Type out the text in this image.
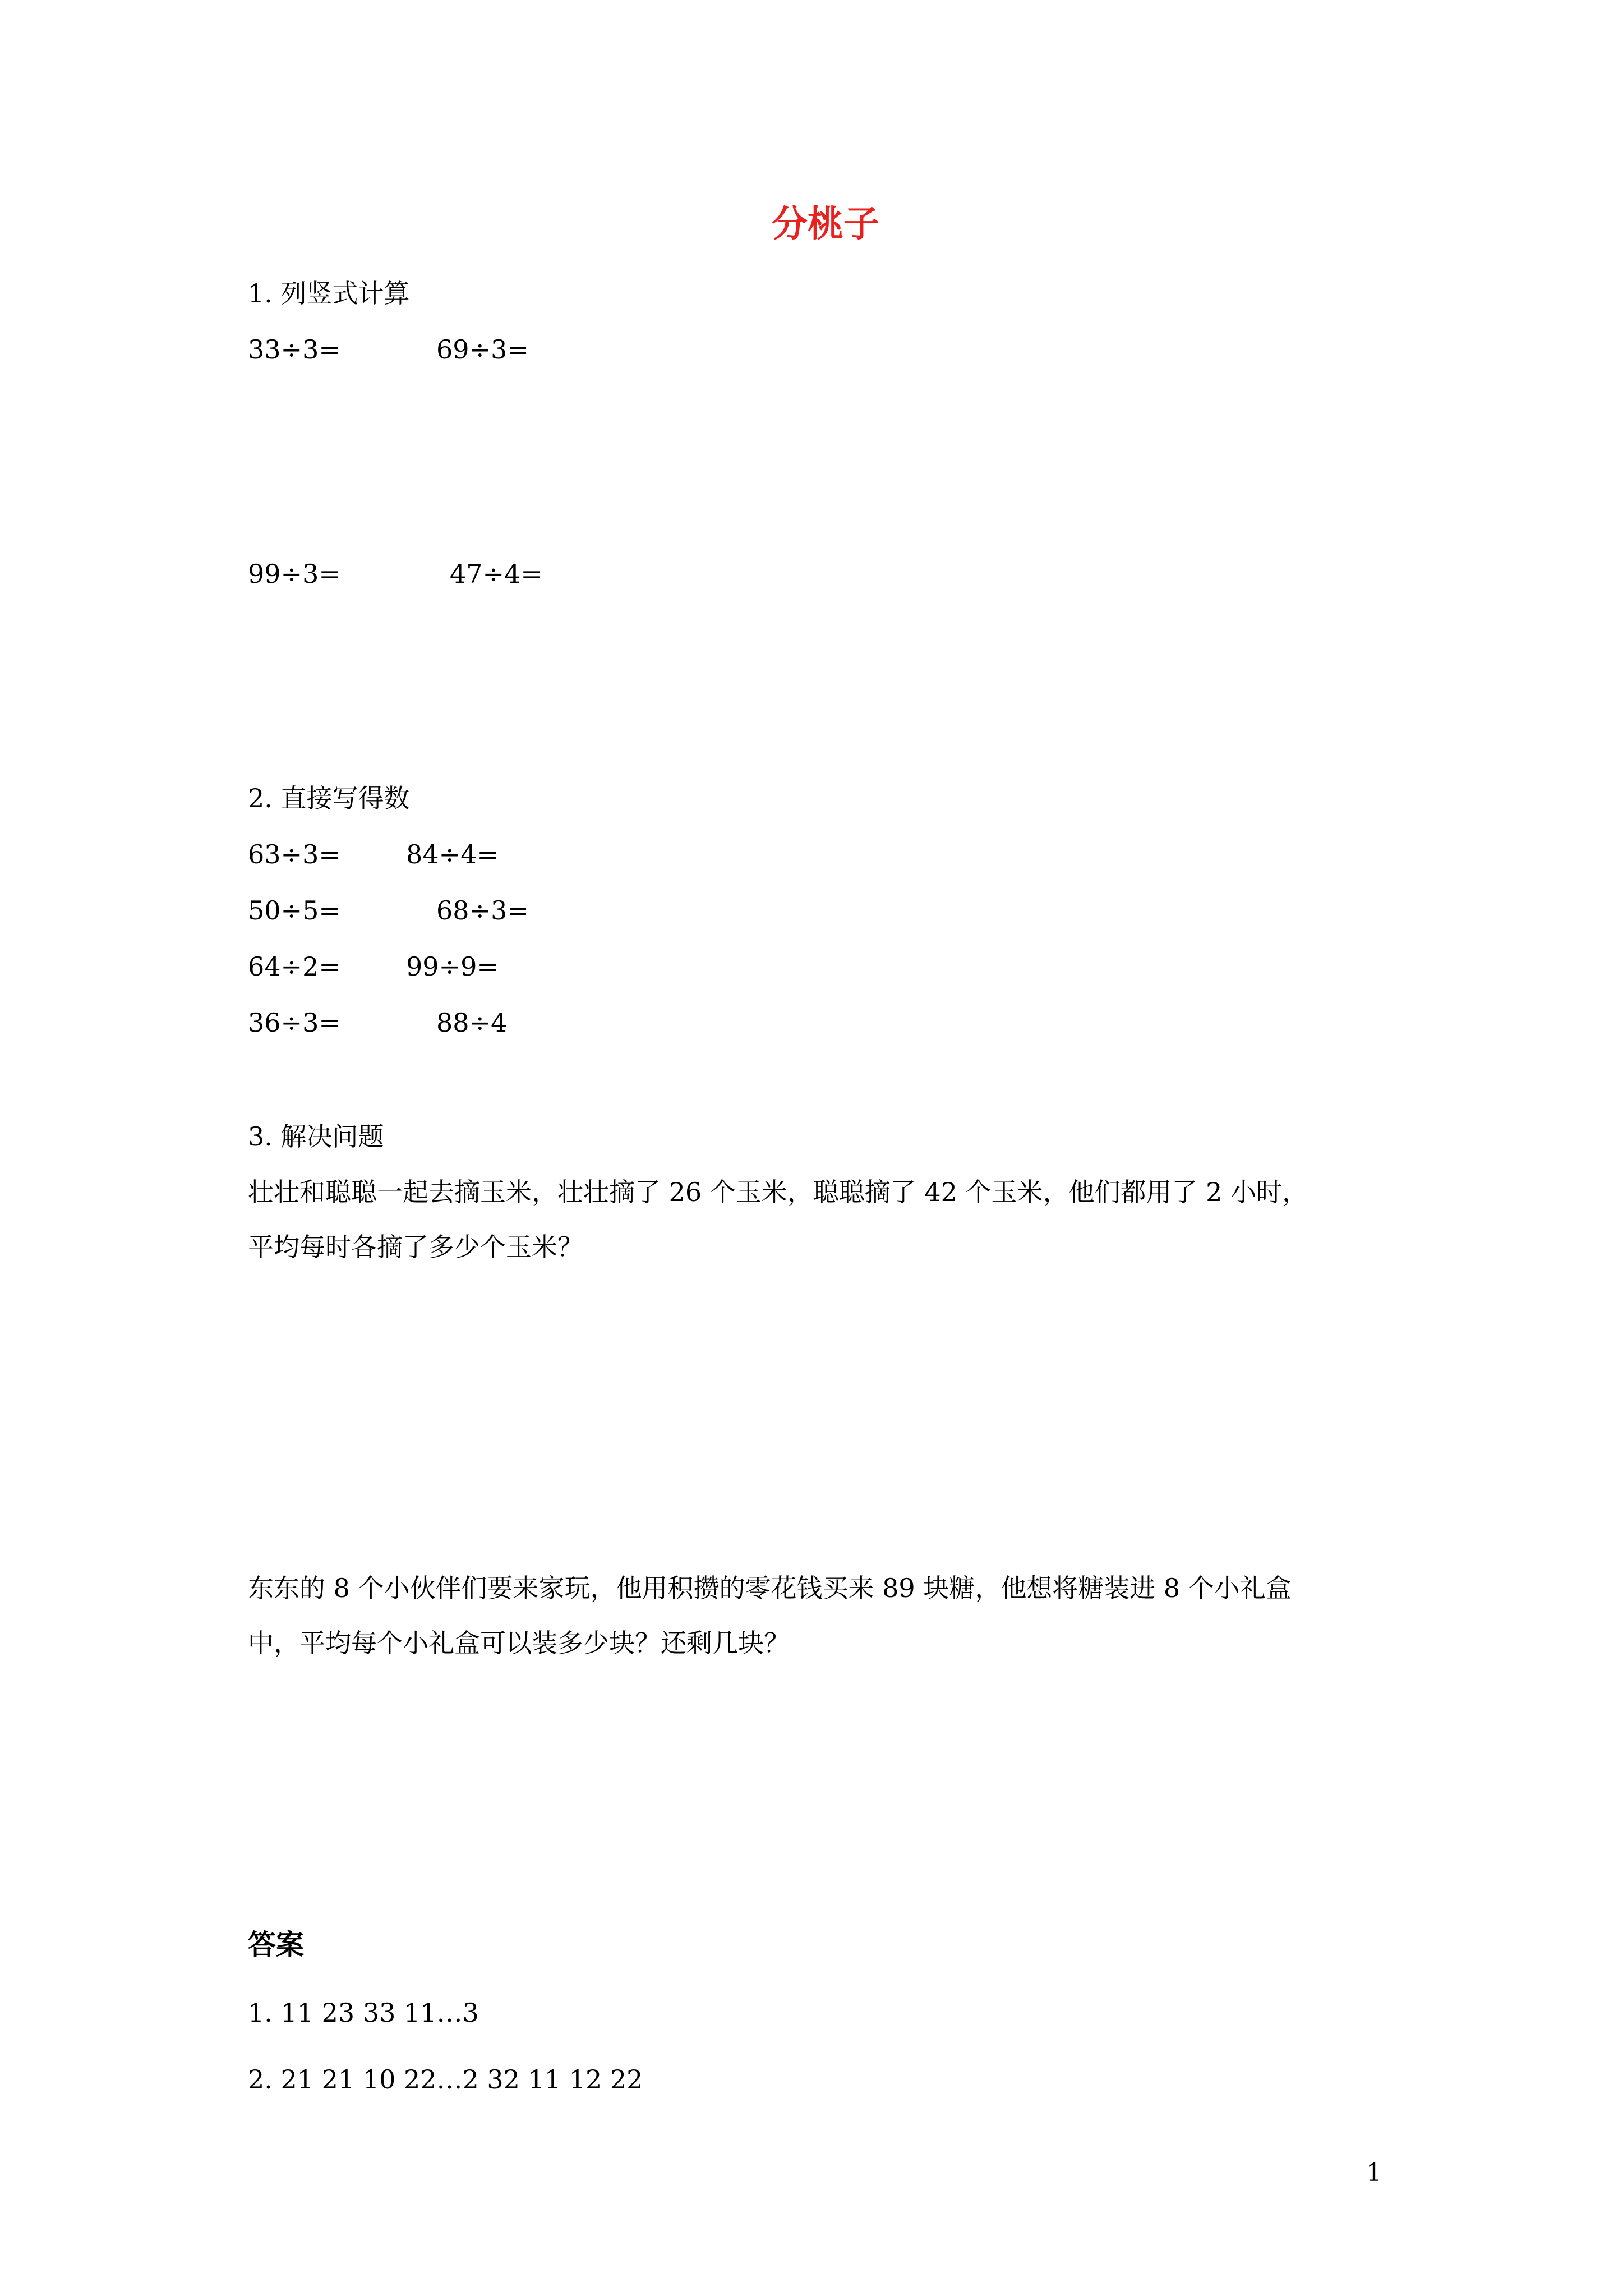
分桃子
1. 列竖式计算
33÷3=	69÷3=
99÷3=	47÷4=
2. 直接写得数
63÷3=	84÷4=
50÷5=	68÷3=
64÷2=	99÷9=
36÷3=	88÷4
3. 解决问题
壮壮和聪聪一起去摘玉米，壮壮摘了 26 个玉米，聪聪摘了 42 个玉米，他们都用了 2 小时，
平均每时各摘了多少个玉米？
东东的 8 个小伙伴们要来家玩，他用积攒的零花钱买来 89 块糖，他想将糖装进 8 个小礼盒
中，平均每个小礼盒可以装多少块？还剩几块？
答案
1. 11 23 33 11…3
2. 21 21 10 22…2 32 11 12 22
1
